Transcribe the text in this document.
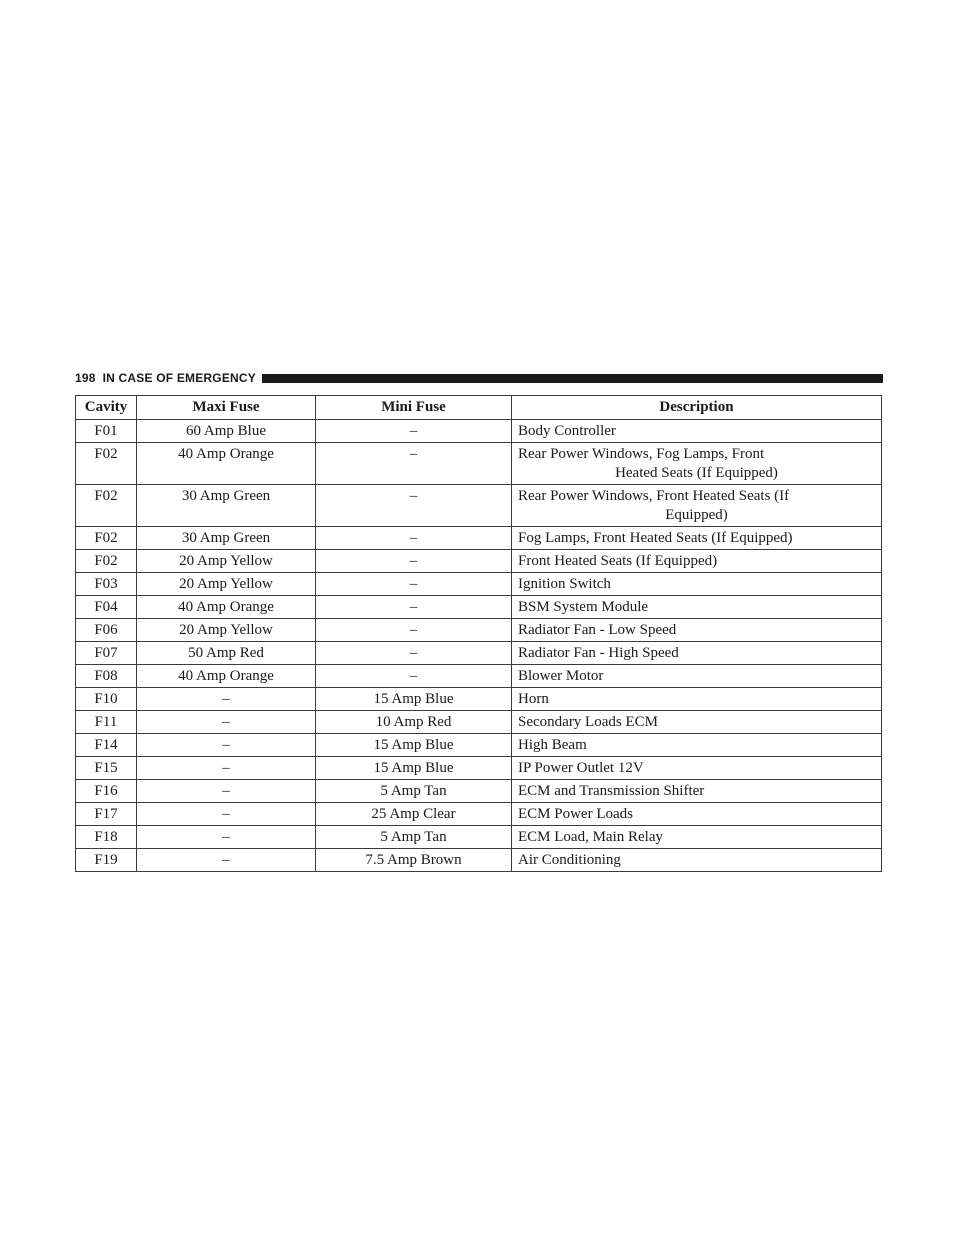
198 IN CASE OF EMERGENCY
Cavity	Maxi Fuse	Mini Fuse	Description
F01	60 Amp Blue	–	Body Controller

F02	40 Amp Orange	–	Rear Power Windows, Fog Lamps, Front
Heated Seats (If Equipped)

F02	30 Amp Green	–	Rear Power Windows, Front Heated Seats (If
Equipped)

F02	30 Amp Green	–	Fog Lamps, Front Heated Seats (If Equipped)

F02	20 Amp Yellow	–	Front Heated Seats (If Equipped)

F03	20 Amp Yellow	–	Ignition Switch

F04	40 Amp Orange	–	BSM System Module

F06	20 Amp Yellow	–	Radiator Fan - Low Speed

F07	50 Amp Red	–	Radiator Fan - High Speed

F08	40 Amp Orange	–	Blower Motor

F10	–	15 Amp Blue	Horn

F11	–	10 Amp Red	Secondary Loads ECM

F14	–	15 Amp Blue	High Beam

F15	–	15 Amp Blue	IP Power Outlet 12V

F16	–	5 Amp Tan	ECM and Transmission Shifter

F17	–	25 Amp Clear	ECM Power Loads

F18	–	5 Amp Tan	ECM Load, Main Relay

F19	–	7.5 Amp Brown	Air Conditioning
